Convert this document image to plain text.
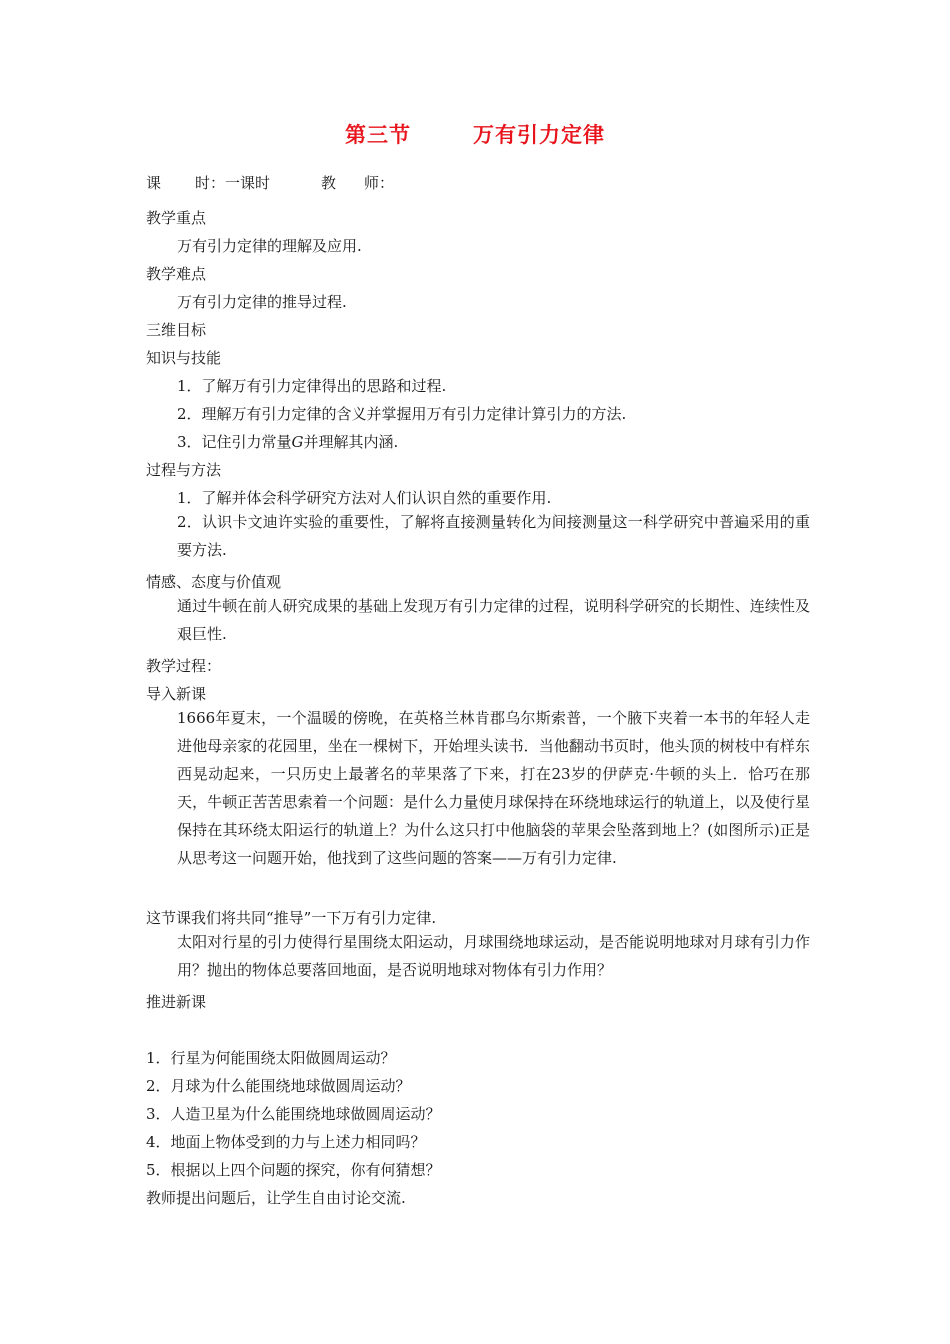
第三节	万有引力定律
课 时：一课时	教 师：
教学重点
万有引力定律的理解及应用.
教学难点
万有引力定律的推导过程.
三维目标
知识与技能
1．了解万有引力定律得出的思路和过程.
2．理解万有引力定律的含义并掌握用万有引力定律计算引力的方法.
3．记住引力常量G并理解其内涵.
过程与方法
1．了解并体会科学研究方法对人们认识自然的重要作用.
2．认识卡文迪许实验的重要性，了解将直接测量转化为间接测量这一科学研究中普遍采用的重要方法.
情感、态度与价值观
通过牛顿在前人研究成果的基础上发现万有引力定律的过程，说明科学研究的长期性、连续性及艰巨性.
教学过程：
导入新课
1666年夏末，一个温暖的傍晚，在英格兰林肯郡乌尔斯索普，一个腋下夹着一本书的年轻人走进他母亲家的花园里，坐在一棵树下，开始埋头读书．当他翻动书页时，他头顶的树枝中有样东西晃动起来，一只历史上最著名的苹果落了下来，打在23岁的伊萨克·牛顿的头上．恰巧在那天，牛顿正苦苦思索着一个问题：是什么力量使月球保持在环绕地球运行的轨道上，以及使行星保持在其环绕太阳运行的轨道上？为什么这只打中他脑袋的苹果会坠落到地上？(如图所示)正是从思考这一问题开始，他找到了这些问题的答案——万有引力定律.
这节课我们将共同“推导”一下万有引力定律.
太阳对行星的引力使得行星围绕太阳运动，月球围绕地球运动，是否能说明地球对月球有引力作用？抛出的物体总要落回地面，是否说明地球对物体有引力作用？
推进新课
1．行星为何能围绕太阳做圆周运动？
2．月球为什么能围绕地球做圆周运动？
3．人造卫星为什么能围绕地球做圆周运动？
4．地面上物体受到的力与上述力相同吗？
5．根据以上四个问题的探究，你有何猜想？
教师提出问题后，让学生自由讨论交流.
